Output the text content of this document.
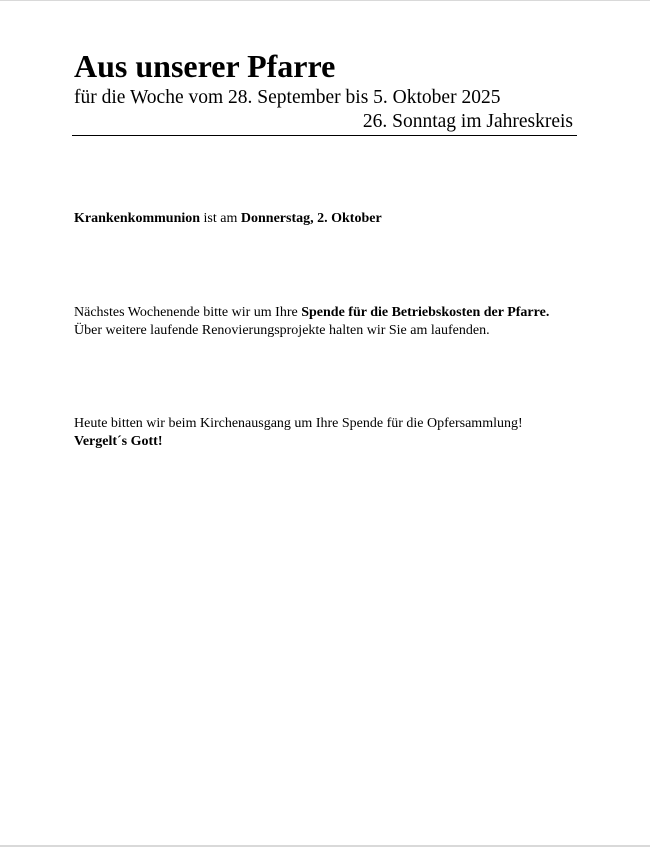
Aus unserer Pfarre

für die Woche vom 28. September bis 5. Oktober 2025

26. Sonntag im Jahreskreis

Krankenkommunion ist am Donnerstag, 2. Oktober

Nächstes Wochenende bitte wir um Ihre Spende für die Betriebskosten der Pfarre. Über weitere laufende Renovierungsprojekte halten wir Sie am laufenden.

Heute bitten wir beim Kirchenausgang um Ihre Spende für die Opfersammlung!
Vergelt´s Gott!
